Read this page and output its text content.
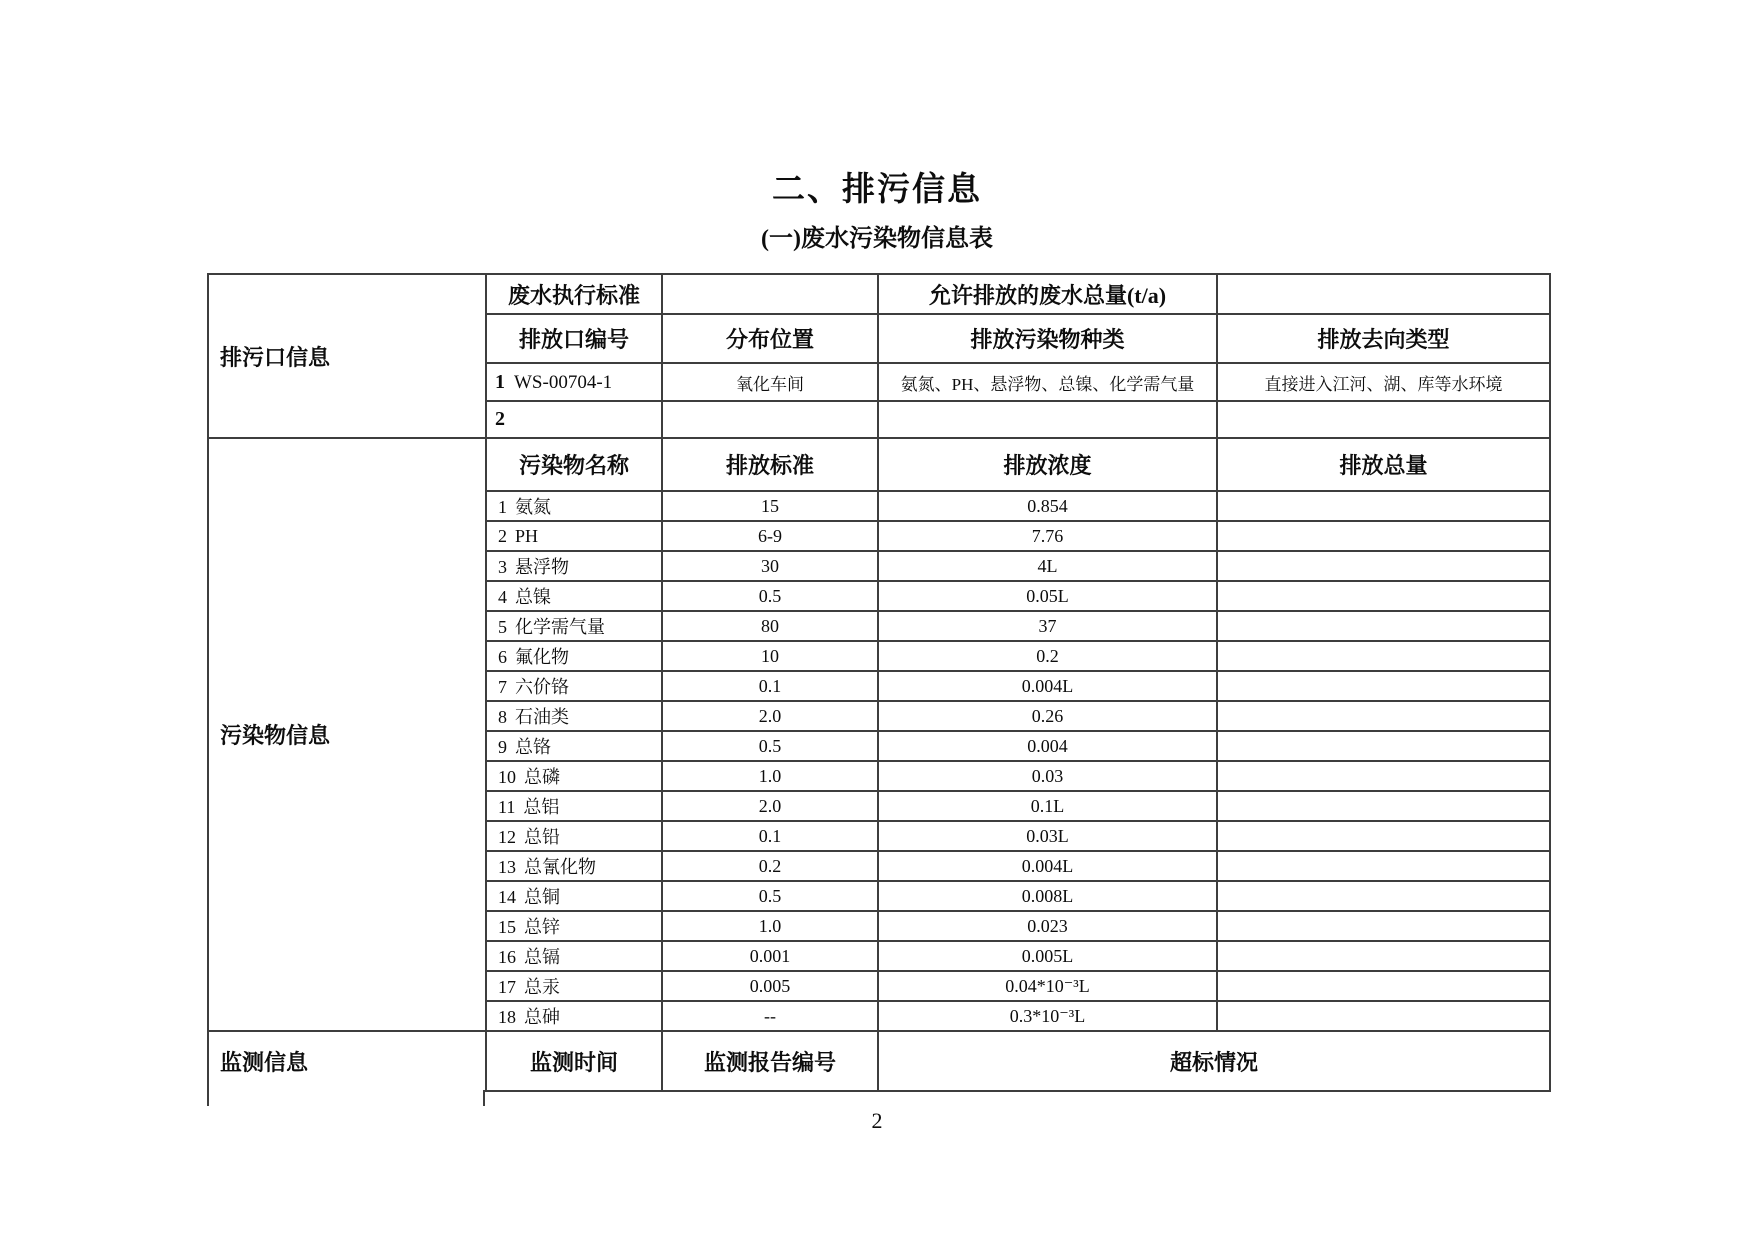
二、排污信息
(一)废水污染物信息表
排污口信息	废水执行标准		允许排放的废水总量(t/a)	
	排放口编号	分布位置	排放污染物种类	排放去向类型
	1 WS-00704-1	氧化车间	氨氮、PH、悬浮物、总镍、化学需气量	直接进入江河、湖、库等水环境
	2			
污染物信息	污染物名称	排放标准	排放浓度	排放总量
	1 氨氮	15	0.854	
	2 PH	6-9	7.76	
	3 悬浮物	30	4L	
	4 总镍	0.5	0.05L	
	5 化学需气量	80	37	
	6 氟化物	10	0.2	
	7 六价铬	0.1	0.004L	
	8 石油类	2.0	0.26	
	9 总铬	0.5	0.004	
	10 总磷	1.0	0.03	
	11 总铝	2.0	0.1L	
	12 总铅	0.1	0.03L	
	13 总氰化物	0.2	0.004L	
	14 总铜	0.5	0.008L	
	15 总锌	1.0	0.023	
	16 总镉	0.001	0.005L	
	17 总汞	0.005	0.04*10⁻³L	
	18 总砷	--	0.3*10⁻³L	
监测信息	监测时间	监测报告编号	超标情况	
2
